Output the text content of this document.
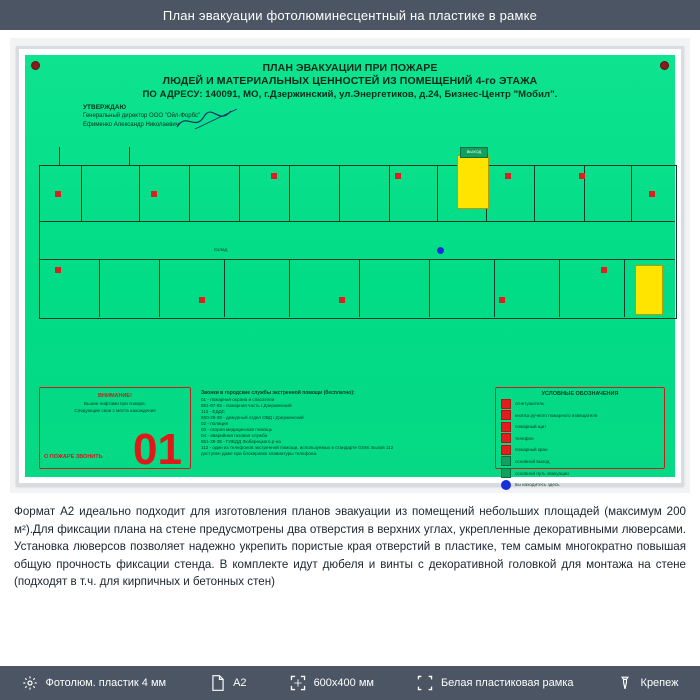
План эвакуации фотолюминесцентный на пластике в рамке
ПЛАН ЭВАКУАЦИИ ПРИ ПОЖАРЕ
ЛЮДЕЙ И МАТЕРИАЛЬНЫХ ЦЕННОСТЕЙ ИЗ ПОМЕЩЕНИЙ 4-го ЭТАЖА
ПО АДРЕСУ: 140091, МО, г.Дзержинский, ул.Энергетиков, д.24, Бизнес-Центр "Мобил".
УТВЕРЖДАЮ
Генеральный директор ООО "Ойл-Форбс"
Ефименко Александр Николаевич
Склад
ВЫХОД
ВНИМАНИЕ!
Бьшие лифтами при пожаре,
Следующие свои с места нахождения
О ПОЖАРЕ ЗВОНИТЬ 01
Звонки в городские службы экстренной помощи (бесплатно):
01 - пожарная охрана и спасатели
551-67-65 - пожарная часть г.Дзержинский
112 - ЕДДС
550-25-38 - дежурный отдел ОВД г.Дзержинский
02 - полиция
03 - скорая медицинская помощь
04 - аварийная газовая служба
551-39-35 - ГИБДД Люберецкого р-на
112 - один из телефонов экстренной помощи, используемых в стандарте GSM. Вызов 112
доступен даже при блокировке клавиатуры телефона.
УСЛОВНЫЕ ОБОЗНАЧЕНИЯ
огнетушитель
кнопка ручного пожарного извещателя
пожарный щит
телефон
пожарный кран
основной выход
основной путь эвакуации
вы находитесь здесь
Формат А2 идеально подходит для изготовления планов эвакуации из помещений небольших площадей (максимум 200 м²).Для фиксации плана на стене предусмотрены два отверстия в верхних углах, укрепленные декоративными люверсами. Установка люверсов позволяет надежно укрепить пористые края отверстий в пластике, тем самым многократно повышая общую прочность фиксации стенда. В комплекте идут дюбеля и винты с декоративной головкой для монтажа на стене (подходят в т.ч. для кирпичных и бетонных стен)
Фотолюм. пластик 4 мм	А2	600х400 мм	Белая пластиковая рамка	Крепеж
